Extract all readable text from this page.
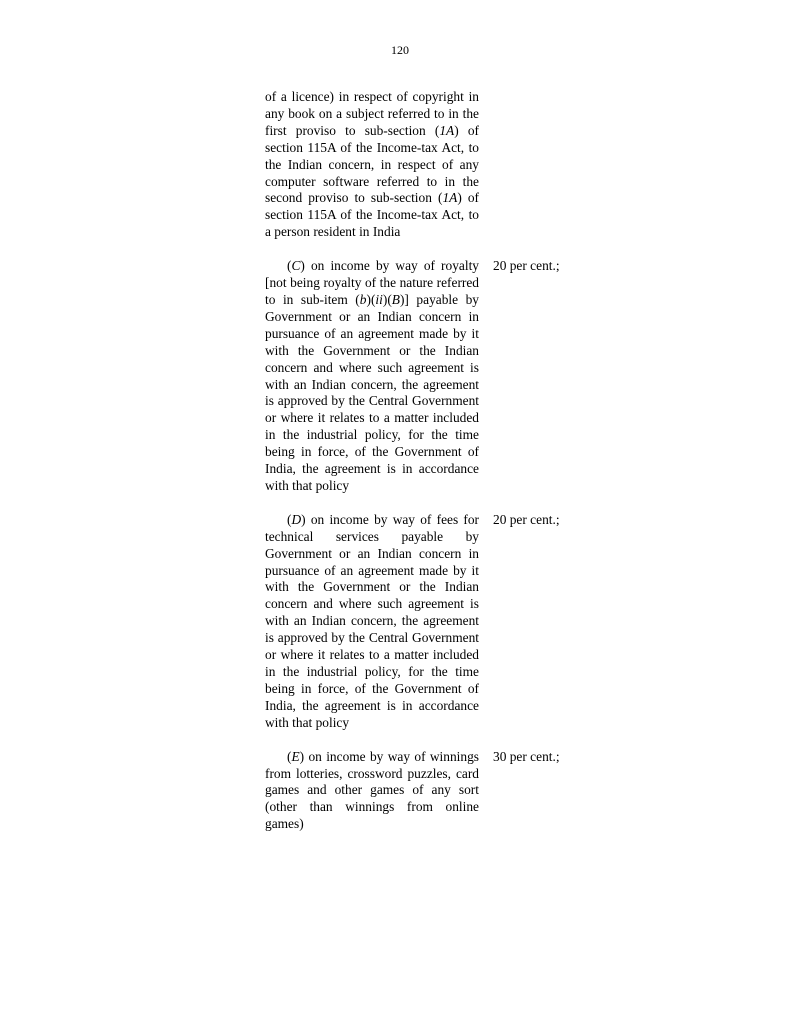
120
of a licence) in respect of copyright in any book on a subject referred to in the first proviso to sub-section (1A) of section 115A of the Income-tax Act, to the Indian concern, in respect of any computer software referred to in the second proviso to sub-section (1A) of section 115A of the Income-tax Act, to a person resident in India
(C) on income by way of royalty [not being royalty of the nature referred to in sub-item (b)(ii)(B)] payable by Government or an Indian concern in pursuance of an agreement made by it with the Government or the Indian concern and where such agreement is with an Indian concern, the agreement is approved by the Central Government or where it relates to a matter included in the industrial policy, for the time being in force, of the Government of India, the agreement is in accordance with that policy
20 per cent.;
(D) on income by way of fees for technical services payable by Government or an Indian concern in pursuance of an agreement made by it with the Government or the Indian concern and where such agreement is with an Indian concern, the agreement is approved by the Central Government or where it relates to a matter included in the industrial policy, for the time being in force, of the Government of India, the agreement is in accordance with that policy
20 per cent.;
(E) on income by way of winnings from lotteries, crossword puzzles, card games and other games of any sort (other than winnings from online games)
30 per cent.;
